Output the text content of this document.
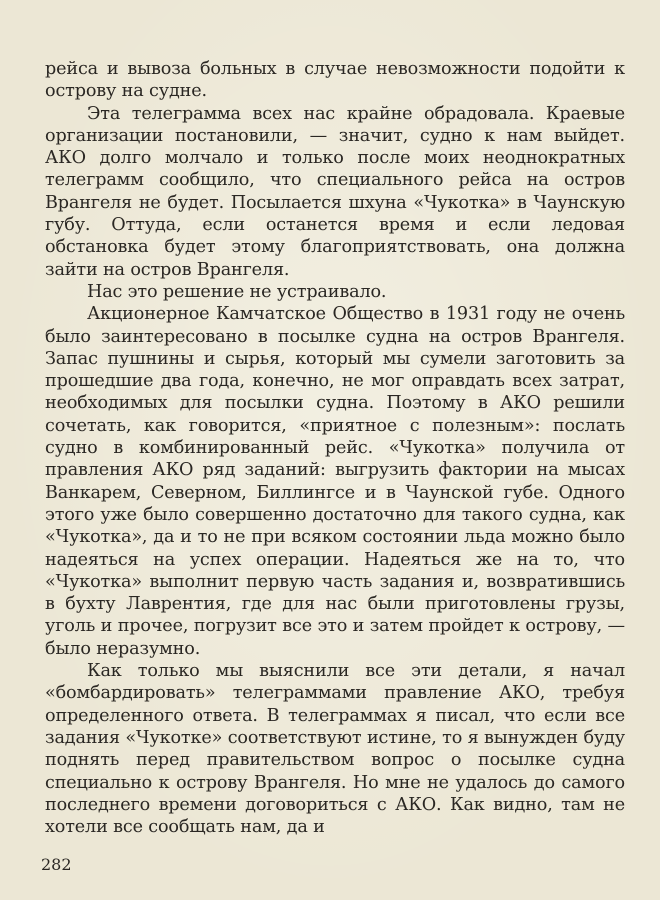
рейса и вывоза больных в случае невозможности подойти к острову на судне.

Эта телеграмма всех нас крайне обрадовала. Краевые организации постановили, — значит, судно к нам выйдет. АКО долго молчало и только после моих неоднократных телеграмм сообщило, что специального рейса на остров Врангеля не будет. Посылается шхуна «Чукотка» в Чаунскую губу. Оттуда, если останется время и если ледовая обстановка будет этому благоприятствовать, она должна зайти на остров Врангеля.

Нас это решение не устраивало.

Акционерное Камчатское Общество в 1931 году не очень было заинтересовано в посылке судна на остров Врангеля. Запас пушнины и сырья, который мы сумели заготовить за прошедшие два года, конечно, не мог оправдать всех затрат, необходимых для посылки судна. Поэтому в АКО решили сочетать, как говорится, «приятное с полезным»: послать судно в комбинированный рейс. «Чукотка» получила от правления АКО ряд заданий: выгрузить фактории на мысах Ванкарем, Северном, Биллингсе и в Чаунской губе. Одного этого уже было совершенно достаточно для такого судна, как «Чукотка», да и то не при всяком состоянии льда можно было надеяться на успех операции. Надеяться же на то, что «Чукотка» выполнит первую часть задания и, возвратившись в бухту Лаврентия, где для нас были приготовлены грузы, уголь и прочее, погрузит все это и затем пройдет к острову, — было неразумно.

Как только мы выяснили все эти детали, я начал «бомбардировать» телеграммами правление АКО, требуя определенного ответа. В телеграммах я писал, что если все задания «Чукотке» соответствуют истине, то я вынужден буду поднять перед правительством вопрос о посылке судна специально к острову Врангеля. Но мне не удалось до самого последнего времени договориться с АКО. Как видно, там не хотели все сообщать нам, да и

282
